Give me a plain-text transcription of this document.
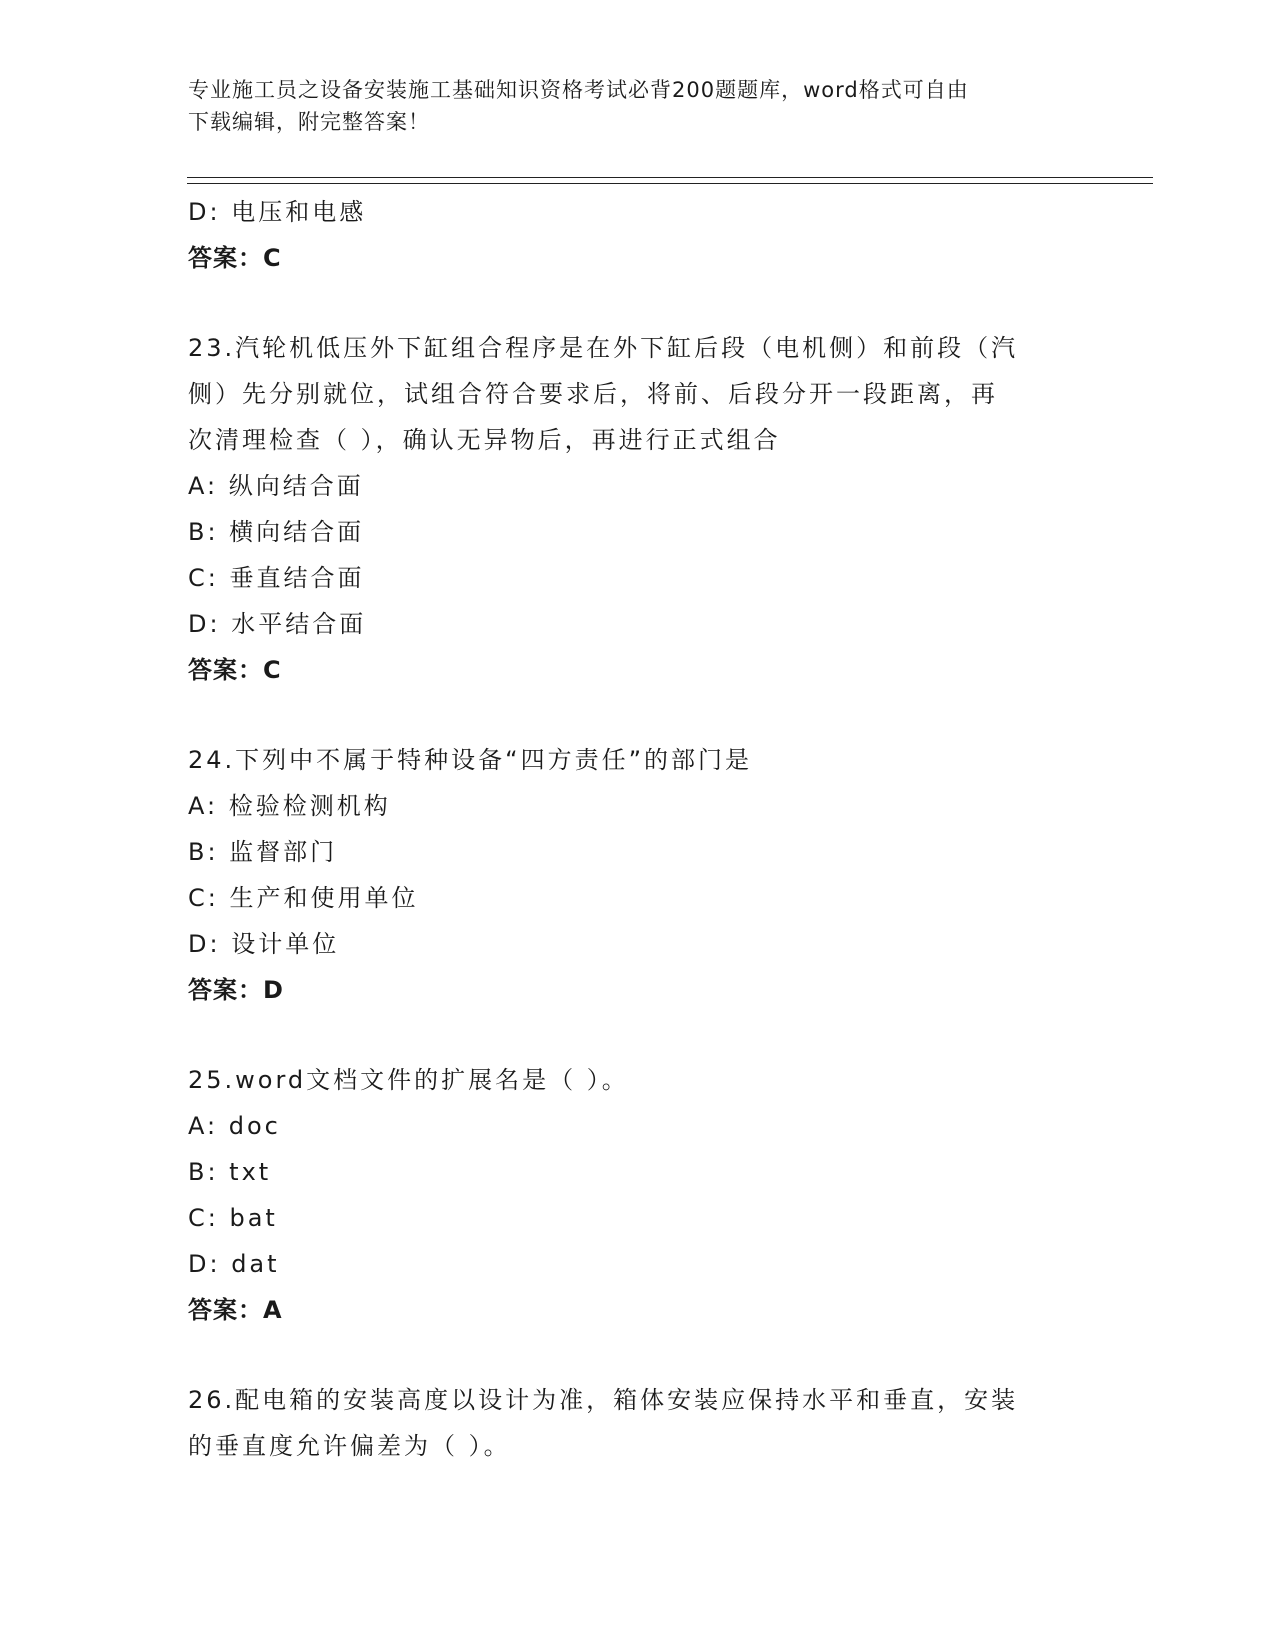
专业施工员之设备安装施工基础知识资格考试必背200题题库，word格式可自由
下载编辑，附完整答案！
D: 电压和电感
答案：C
23.汽轮机低压外下缸组合程序是在外下缸后段（电机侧）和前段（汽
侧）先分别就位，试组合符合要求后，将前、后段分开一段距离，再
次清理检查（ ），确认无异物后，再进行正式组合
A: 纵向结合面
B: 横向结合面
C: 垂直结合面
D: 水平结合面
答案：C
24.下列中不属于特种设备“四方责任”的部门是
A: 检验检测机构
B: 监督部门
C: 生产和使用单位
D: 设计单位
答案：D
25.word文档文件的扩展名是（ ）。
A: doc
B: txt
C: bat
D: dat
答案：A
26.配电箱的安装高度以设计为准，箱体安装应保持水平和垂直，安装
的垂直度允许偏差为（ ）。
